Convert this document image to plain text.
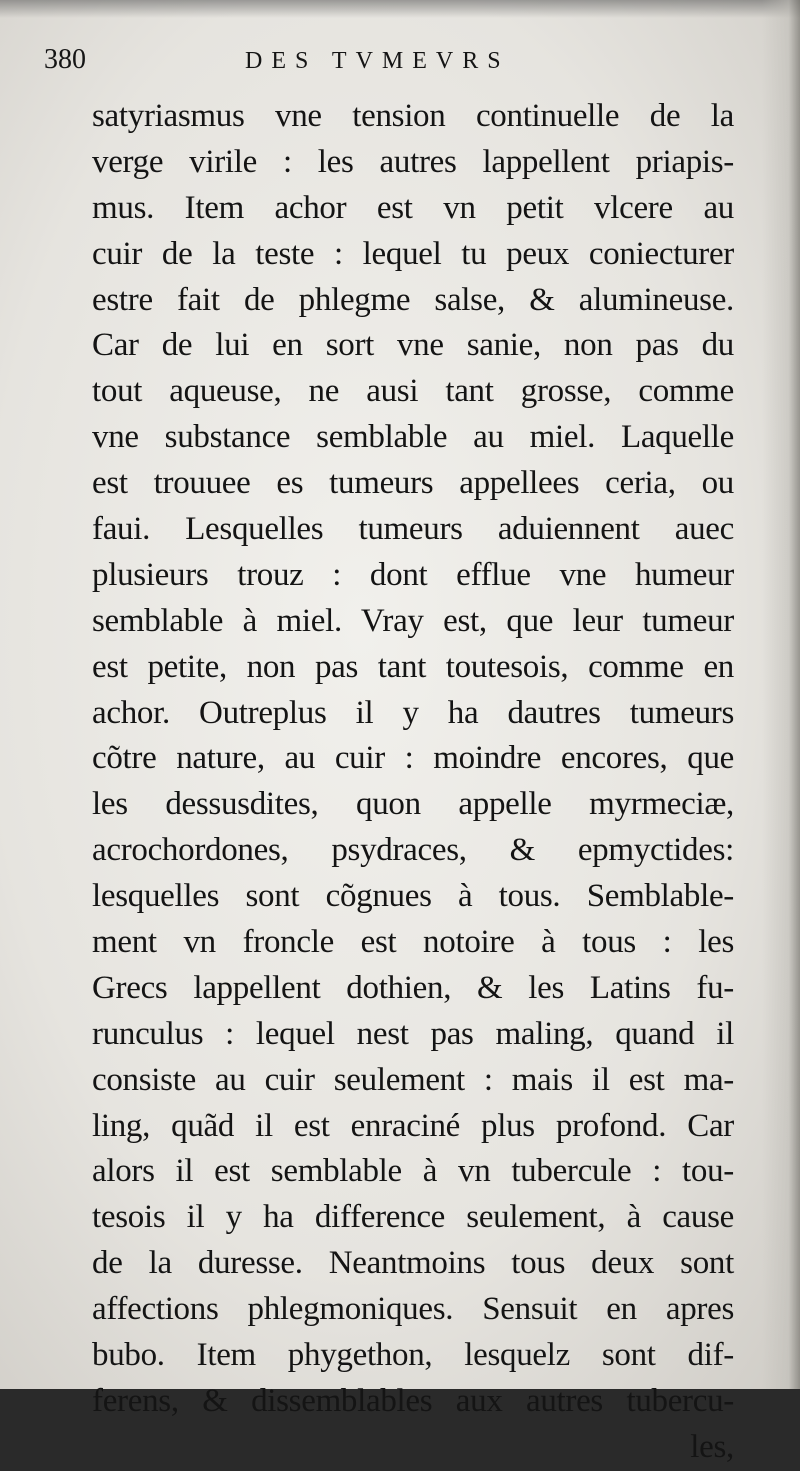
380	DES TVMEVRS
satyriasmus vne tension continuelle de la
verge virile : les autres lappellent priapis-
mus. Item achor est vn petit vlcere au
cuir de la teste : lequel tu peux coniecturer
estre fait de phlegme salse, & alumineuse.
Car de lui en sort vne sanie, non pas du
tout aqueuse, ne ausi tant grosse, comme
vne substance semblable au miel. Laquelle
est trouuee es tumeurs appellees ceria, ou
faui. Lesquelles tumeurs aduiennent auec
plusieurs trouz : dont efflue vne humeur
semblable à miel. Vray est, que leur tumeur
est petite, non pas tant toutesois, comme en
achor. Outreplus il y ha dautres tumeurs
cõtre nature, au cuir : moindre encores, que
les dessusdites, quon appelle myrmeciæ,
acrochordones, psydraces, & epmyctides:
lesquelles sont cõgnues à tous. Semblable-
ment vn froncle est notoire à tous : les
Grecs lappellent dothien, & les Latins fu-
runculus : lequel nest pas maling, quand il
consiste au cuir seulement : mais il est ma-
ling, quãd il est enraciné plus profond. Car
alors il est semblable à vn tubercule : tou-
tesois il y ha difference seulement, à cause
de la duresse. Neantmoins tous deux sont
affections phlegmoniques. Sensuit en apres
bubo. Item phygethon, lesquelz sont dif-
ferens, & dissemblables aux autres tubercu-
les,
